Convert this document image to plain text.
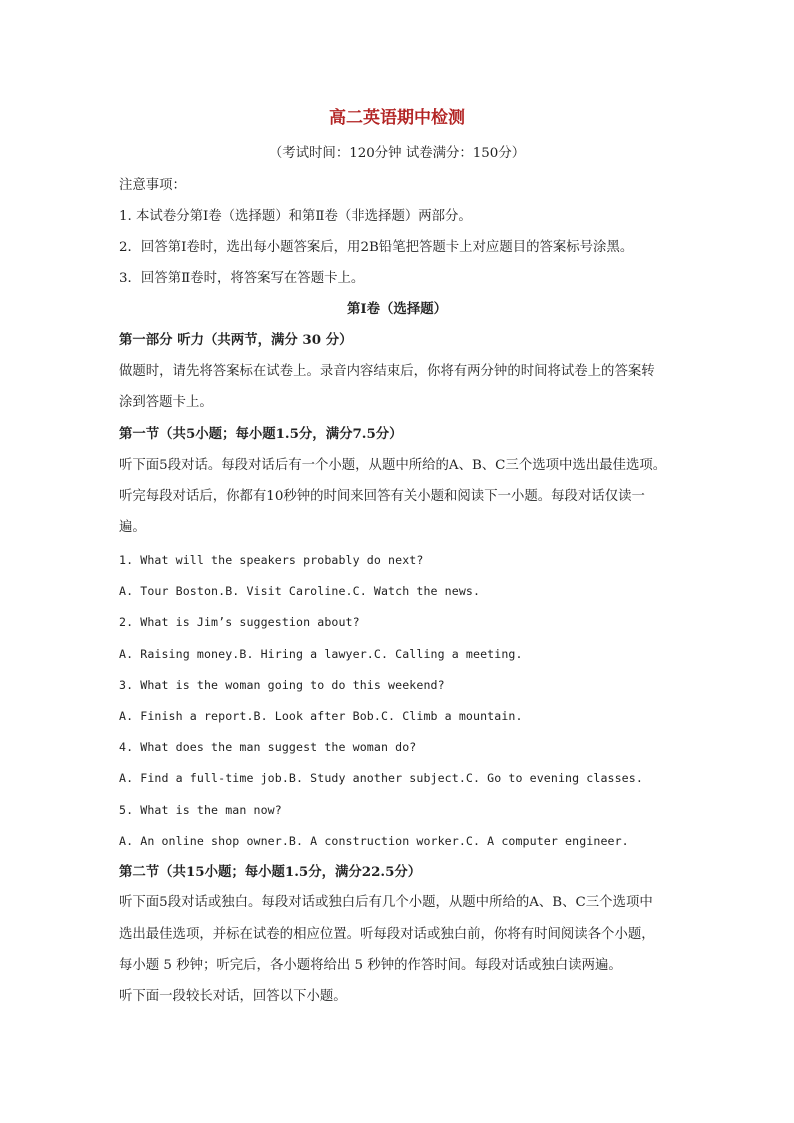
高二英语期中检测
（考试时间：120分钟 试卷满分：150分）
注意事项：
1. 本试卷分第Ⅰ卷（选择题）和第Ⅱ卷（非选择题）两部分。
2．回答第Ⅰ卷时，选出每小题答案后，用2B铅笔把答题卡上对应题目的答案标号涂黑。
3．回答第Ⅱ卷时，将答案写在答题卡上。
第Ⅰ卷（选择题）
第一部分 听力（共两节，满分 30 分）
做题时，请先将答案标在试卷上。录音内容结束后，你将有两分钟的时间将试卷上的答案转
涂到答题卡上。
第一节（共5小题；每小题1.5分，满分7.5分）
听下面5段对话。每段对话后有一个小题，从题中所给的A、B、C三个选项中选出最佳选项。
听完每段对话后，你都有10秒钟的时间来回答有关小题和阅读下一小题。每段对话仅读一
遍。
1. What will the speakers probably do next?
A. Tour Boston.B. Visit Caroline.C. Watch the news.
2. What is Jim’s suggestion about?
A. Raising money.B. Hiring a lawyer.C. Calling a meeting.
3. What is the woman going to do this weekend?
A. Finish a report.B. Look after Bob.C. Climb a mountain.
4. What does the man suggest the woman do?
A. Find a full-time job.B. Study another subject.C. Go to evening classes.
5. What is the man now?
A. An online shop owner.B. A construction worker.C. A computer engineer.
第二节（共15小题；每小题1.5分，满分22.5分）
听下面5段对话或独白。每段对话或独白后有几个小题，从题中所给的A、B、C三个选项中
选出最佳选项，并标在试卷的相应位置。听每段对话或独白前，你将有时间阅读各个小题，
每小题 5 秒钟；听完后，各小题将给出 5 秒钟的作答时间。每段对话或独白读两遍。
听下面一段较长对话，回答以下小题。
